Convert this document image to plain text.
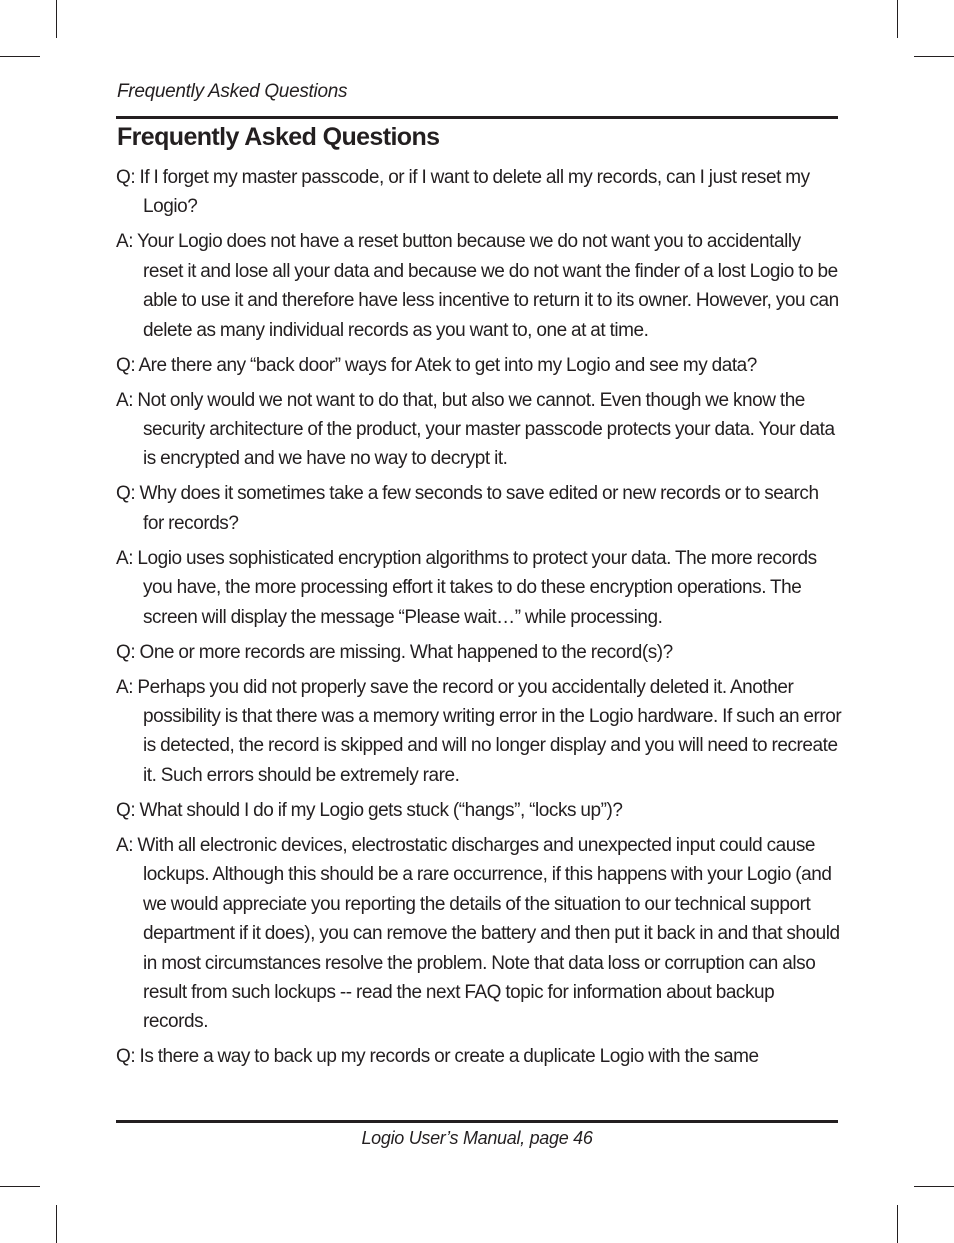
Frequently Asked Questions
Frequently Asked Questions

Q: If I forget my master passcode, or if I want to delete all my records, can I just reset my Logio?

A: Your Logio does not have a reset button because we do not want you to accidentally reset it and lose all your data and because we do not want the finder of a lost Logio to be able to use it and therefore have less incentive to return it to its owner. However, you can delete as many individual records as you want to, one at at time.

Q: Are there any “back door” ways for Atek to get into my Logio and see my data?

A: Not only would we not want to do that, but also we cannot. Even though we know the security architecture of the product, your master passcode protects your data. Your data is encrypted and we have no way to decrypt it.

Q: Why does it sometimes take a few seconds to save edited or new records or to search for records?

A: Logio uses sophisticated encryption algorithms to protect your data. The more records you have, the more processing effort it takes to do these encryption operations. The screen will display the message “Please wait…” while processing.

Q: One or more records are missing. What happened to the record(s)?

A: Perhaps you did not properly save the record or you accidentally deleted it. Another possibility is that there was a memory writing error in the Logio hardware. If such an error is detected, the record is skipped and will no longer display and you will need to recreate it. Such errors should be extremely rare.

Q: What should I do if my Logio gets stuck (“hangs”, “locks up”)?

A: With all electronic devices, electrostatic discharges and unexpected input could cause lockups. Although this should be a rare occurrence, if this happens with your Logio (and we would appreciate you reporting the details of the situation to our technical support department if it does), you can remove the battery and then put it back in and that should in most circumstances resolve the problem. Note that data loss or corruption can also result from such lockups -- read the next FAQ topic for information about backup records.

Q: Is there a way to back up my records or create a duplicate Logio with the same

Logio User’s Manual, page 46
